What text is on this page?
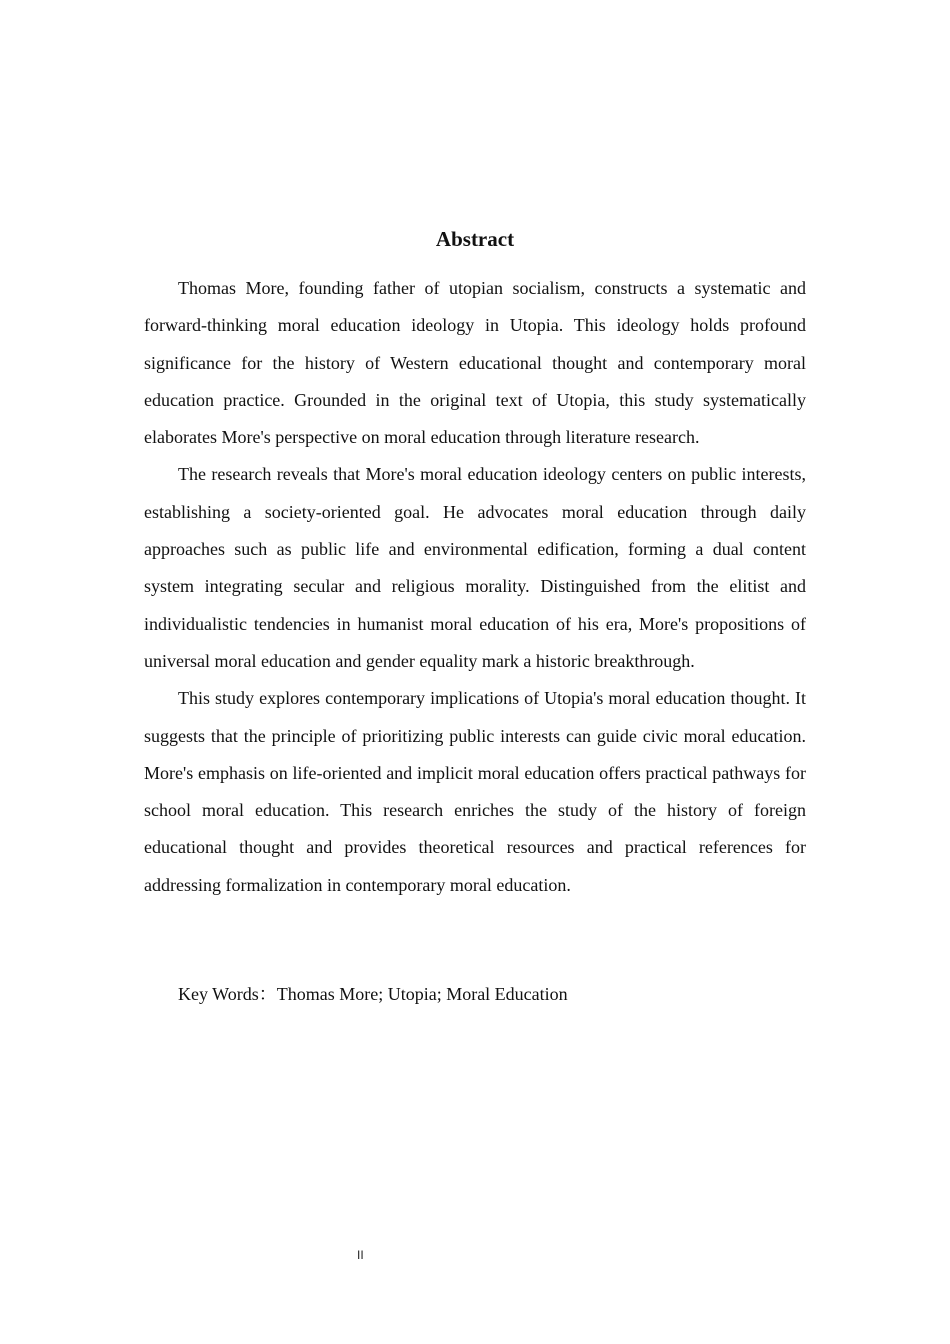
Abstract

Thomas More, founding father of utopian socialism, constructs a systematic and forward-thinking moral education ideology in Utopia. This ideology holds profound significance for the history of Western educational thought and contemporary moral education practice. Grounded in the original text of Utopia, this study systematically elaborates More's perspective on moral education through literature research.

The research reveals that More's moral education ideology centers on public interests, establishing a society-oriented goal. He advocates moral education through daily approaches such as public life and environmental edification, forming a dual content system integrating secular and religious morality. Distinguished from the elitist and individualistic tendencies in humanist moral education of his era, More's propositions of universal moral education and gender equality mark a historic breakthrough.

This study explores contemporary implications of Utopia's moral education thought. It suggests that the principle of prioritizing public interests can guide civic moral education. More's emphasis on life-oriented and implicit moral education offers practical pathways for school moral education. This research enriches the study of the history of foreign educational thought and provides theoretical resources and practical references for addressing formalization in contemporary moral education.

Key Words：Thomas More; Utopia; Moral Education

II
